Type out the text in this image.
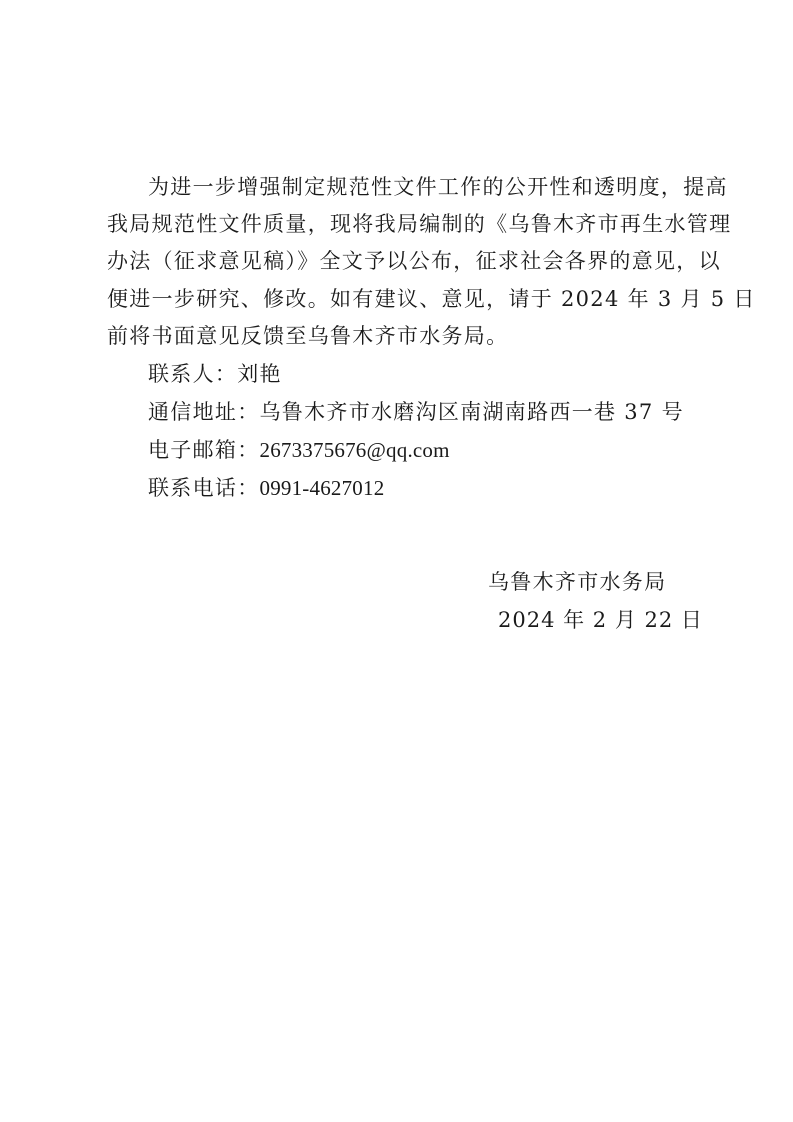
为进一步增强制定规范性文件工作的公开性和透明度，提高
我局规范性文件质量，现将我局编制的《乌鲁木齐市再生水管理
办法（征求意见稿）》全文予以公布，征求社会各界的意见，以
便进一步研究、修改。如有建议、意见，请于 2024 年 3 月 5 日
前将书面意见反馈至乌鲁木齐市水务局。
联系人：刘艳
通信地址：乌鲁木齐市水磨沟区南湖南路西一巷 37 号
电子邮箱：2673375676@qq.com
联系电话：0991-4627012
乌鲁木齐市水务局
2024 年 2 月 22 日
